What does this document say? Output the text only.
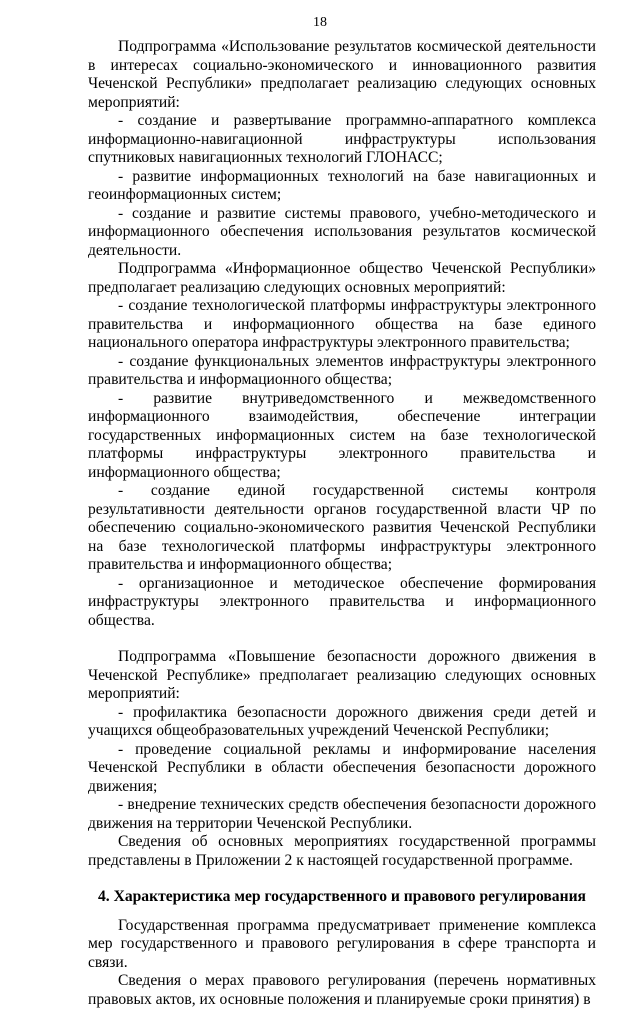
18

Подпрограмма «Использование результатов космической деятельности в интересах социально-экономического и инновационного развития Чеченской Республики» предполагает реализацию следующих основных мероприятий:

- создание и развертывание программно-аппаратного комплекса информационно-навигационной инфраструктуры использования спутниковых навигационных технологий ГЛОНАСС;

- развитие информационных технологий на базе навигационных и геоинформационных систем;

- создание и развитие системы правового, учебно-методического и информационного обеспечения использования результатов космической деятельности.

Подпрограмма «Информационное общество Чеченской Республики» предполагает реализацию следующих основных мероприятий:

- создание технологической платформы инфраструктуры электронного правительства и информационного общества на базе единого национального оператора инфраструктуры электронного правительства;

- создание функциональных элементов инфраструктуры электронного правительства и информационного общества;

- развитие внутриведомственного и межведомственного информационного взаимодействия, обеспечение интеграции государственных информационных систем на базе технологической платформы инфраструктуры электронного правительства и информационного общества;

- создание единой государственной системы контроля результативности деятельности органов государственной власти ЧР по обеспечению социально-экономического развития Чеченской Республики на базе технологической платформы инфраструктуры электронного правительства и информационного общества;

- организационное и методическое обеспечение формирования инфраструктуры электронного правительства и информационного общества.

Подпрограмма «Повышение безопасности дорожного движения в Чеченской Республике» предполагает реализацию следующих основных мероприятий:

- профилактика безопасности дорожного движения среди детей и учащихся общеобразовательных учреждений Чеченской Республики;

- проведение социальной рекламы и информирование населения Чеченской Республики в области обеспечения безопасности дорожного движения;

- внедрение технических средств обеспечения безопасности дорожного движения на территории Чеченской Республики.

Сведения об основных мероприятиях государственной программы представлены в Приложении 2 к настоящей государственной программе.

4. Характеристика мер государственного и правового регулирования

Государственная программа предусматривает применение комплекса мер государственного и правового регулирования в сфере транспорта и связи.

Сведения о мерах правового регулирования (перечень нормативных правовых актов, их основные положения и планируемые сроки принятия) в
